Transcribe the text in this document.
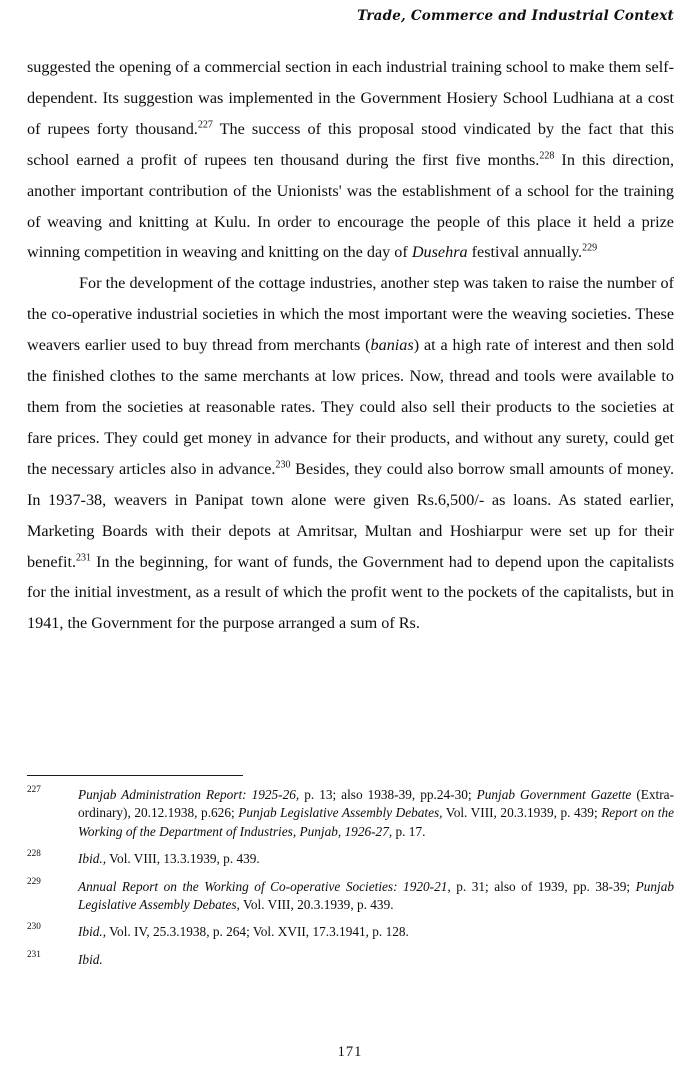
Trade, Commerce and Industrial Context

suggested the opening of a commercial section in each industrial training school to make them self-dependent. Its suggestion was implemented in the Government Hosiery School Ludhiana at a cost of rupees forty thousand.$^{227}$ The success of this proposal stood vindicated by the fact that this school earned a profit of rupees ten thousand during the first five months.$^{228}$ In this direction, another important contribution of the Unionists' was the establishment of a school for the training of weaving and knitting at Kulu. In order to encourage the people of this place it held a prize winning competition in weaving and knitting on the day of Dusehra festival annually.$^{229}$

For the development of the cottage industries, another step was taken to raise the number of the co-operative industrial societies in which the most important were the weaving societies. These weavers earlier used to buy thread from merchants (banias) at a high rate of interest and then sold the finished clothes to the same merchants at low prices. Now, thread and tools were available to them from the societies at reasonable rates. They could also sell their products to the societies at fare prices. They could get money in advance for their products, and without any surety, could get the necessary articles also in advance.$^{230}$ Besides, they could also borrow small amounts of money. In 1937-38, weavers in Panipat town alone were given Rs.6,500/- as loans. As stated earlier, Marketing Boards with their depots at Amritsar, Multan and Hoshiarpur were set up for their benefit.$^{231}$ In the beginning, for want of funds, the Government had to depend upon the capitalists for the initial investment, as a result of which the profit went to the pockets of the capitalists, but in 1941, the Government for the purpose arranged a sum of Rs.

227	Punjab Administration Report: 1925-26, p. 13; also 1938-39, pp.24-30; Punjab Government Gazette (Extra-ordinary), 20.12.1938, p.626; Punjab Legislative Assembly Debates, Vol. VIII, 20.3.1939, p. 439; Report on the Working of the Department of Industries, Punjab, 1926-27, p. 17.
228	Ibid., Vol. VIII, 13.3.1939, p. 439.
229	Annual Report on the Working of Co-operative Societies: 1920-21, p. 31; also of 1939, pp. 38-39; Punjab Legislative Assembly Debates, Vol. VIII, 20.3.1939, p. 439.
230	Ibid., Vol. IV, 25.3.1938, p. 264; Vol. XVII, 17.3.1941, p. 128.
231	Ibid.
171
